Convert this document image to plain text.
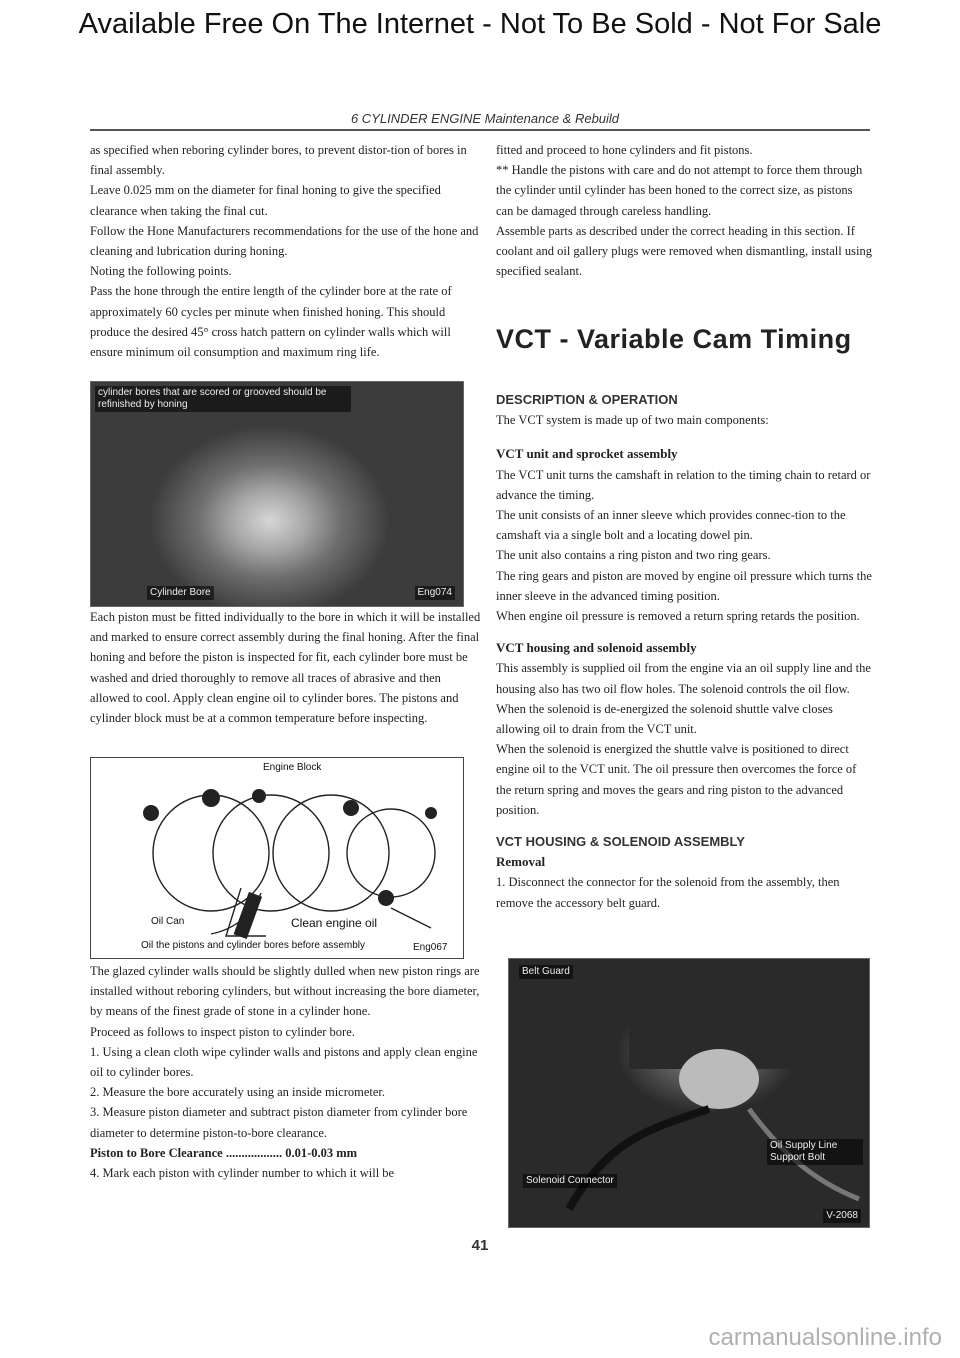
Available Free On The Internet - Not To Be Sold - Not For Sale
6 CYLINDER ENGINE Maintenance & Rebuild

as specified when reboring cylinder bores, to prevent distor-tion of bores in final assembly.

Leave 0.025 mm on the diameter for final honing to give the specified clearance when taking the final cut.

Follow the Hone Manufacturers recommendations for the use of the hone and cleaning and lubrication during honing.

Noting the following points.

Pass the hone through the entire length of the cylinder bore at the rate of approximately 60 cycles per minute when finished honing. This should produce the desired 45° cross hatch pattern on cylinder walls which will ensure minimum oil consumption and maximum ring life.

cylinder bores that are scored or grooved should be refinished by honing
Cylinder Bore	Eng074

Each piston must be fitted individually to the bore in which it will be installed and marked to ensure correct assembly during the final honing. After the final honing and before the piston is inspected for fit, each cylinder bore must be washed and dried thoroughly to remove all traces of abrasive and then allowed to cool. Apply clean engine oil to cylinder bores. The pistons and cylinder block must be at a common temperature before inspecting.

Engine Block
Oil Can	Clean engine oil
Oil the pistons and cylinder bores before assembly	Eng067

The glazed cylinder walls should be slightly dulled when new piston rings are installed without reboring cylinders, but without increasing the bore diameter, by means of the finest grade of stone in a cylinder hone.

Proceed as follows to inspect piston to cylinder bore.

1. Using a clean cloth wipe cylinder walls and pistons and apply clean engine oil to cylinder bores.

2. Measure the bore accurately using an inside micrometer.

3. Measure piston diameter and subtract piston diameter from cylinder bore diameter to determine piston-to-bore clearance.

Piston to Bore Clearance .................. 0.01-0.03 mm

4. Mark each piston with cylinder number to which it will be

fitted and proceed to hone cylinders and fit pistons.

** Handle the pistons with care and do not attempt to force them through the cylinder until cylinder has been honed to the correct size, as pistons can be damaged through careless handling.

Assemble parts as described under the correct heading in this section. If coolant and oil gallery plugs were removed when dismantling, install using specified sealant.

VCT - Variable Cam Timing
DESCRIPTION & OPERATION

The VCT system is made up of two main components:

VCT unit and sprocket assembly

The VCT unit turns the camshaft in relation to the timing chain to retard or advance the timing.

The unit consists of an inner sleeve which provides connec-tion to the camshaft via a single bolt and a locating dowel pin.

The unit also contains a ring piston and two ring gears.

The ring gears and piston are moved by engine oil pressure which turns the inner sleeve in the advanced timing position.

When engine oil pressure is removed a return spring retards the position.

VCT housing and solenoid assembly

This assembly is supplied oil from the engine via an oil supply line and the housing also has two oil flow holes. The solenoid controls the oil flow.

When the solenoid is de-energized the solenoid shuttle valve closes allowing oil to drain from the VCT unit.

When the solenoid is energized the shuttle valve is positioned to direct engine oil to the VCT unit. The oil pressure then overcomes the force of the return spring and moves the gears and ring piston to the advanced position.

VCT HOUSING & SOLENOID ASSEMBLY
Removal

1. Disconnect the connector for the solenoid from the assembly, then remove the accessory belt guard.

Belt Guard
Oil Supply Line Support Bolt
Solenoid Connector
V-2068
41
carmanualsonline.info
